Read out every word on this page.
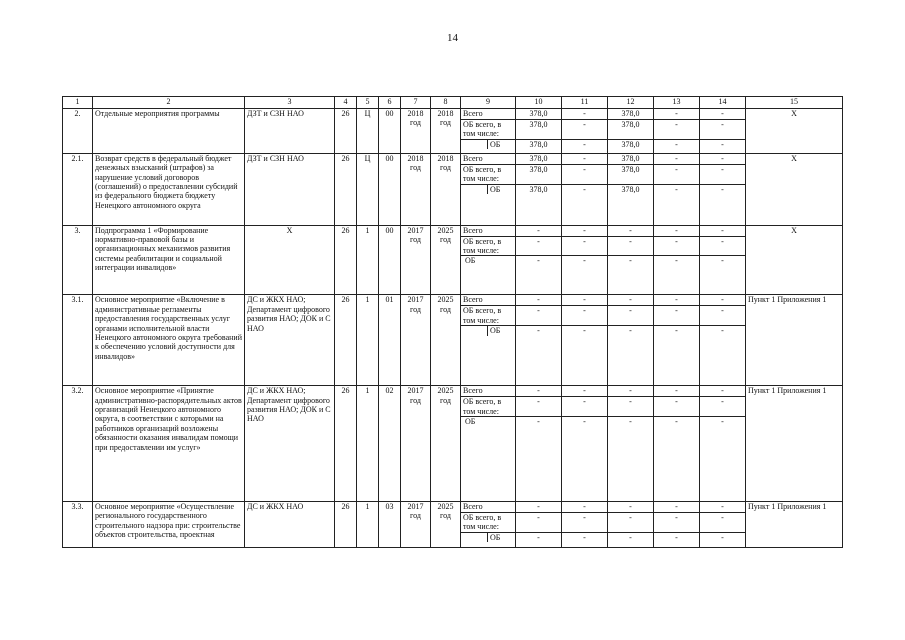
14
1	2	3	4	5	6	7	8	9	10	11	12	13	14	15
2.	Отдельные мероприятия программы	ДЗТ и СЗН НАО	26	Ц	00	2018 год	2018 год	Всего	378,0	-	378,0	-	-	Х
								ОБ всего, в том числе:	378,0	-	378,0	-	-	

								ОБ	378,0	-	378,0	-	-	
2.1.	Возврат средств в федеральный бюджет денежных взысканий (штрафов) за нарушение условий договоров (соглашений) о предоставлении субсидий из федерального бюджета бюджету Ненецкого автономного округа	ДЗТ и СЗН НАО	26	Ц	00	2018 год	2018 год	Всего	378,0	-	378,0	-	-	Х
								ОБ всего, в том числе:	378,0	-	378,0	-	-	

								ОБ	378,0	-	378,0	-	-	
3.	Подпрограмма 1 «Формирование нормативно-правовой базы и организационных механизмов развития системы реабилитации и социальной интеграции инвалидов»	Х	26	1	00	2017 год	2025 год	Всего	-	-	-	-	-	Х
								ОБ всего, в том числе:	-	-	-	-	-	

								ОБ	-	-	-	-	-	
3.1.	Основное мероприятие «Включение в административные регламенты предоставления государственных услуг органами исполнительной власти Ненецкого автономного округа требований к обеспечению условий доступности для инвалидов»	ДС и ЖКХ НАО; Департамент цифрового развития НАО; ДОК и С НАО	26	1	01	2017 год	2025 год	Всего	-	-	-	-	-	Пункт 1 Приложения 1
								ОБ всего, в том числе:	-	-	-	-	-	

								ОБ	-	-	-	-	-	
3.2.	Основное мероприятие «Принятие административно-распорядительных актов организаций Ненецкого автономного округа, в соответствии с которыми на работников организаций возложены обязанности оказания инвалидам помощи при предоставлении им услуг»	ДС и ЖКХ НАО; Департамент цифрового развития НАО; ДОК и С НАО	26	1	02	2017 год	2025 год	Всего	-	-	-	-	-	Пункт 1 Приложения 1
								ОБ всего, в том числе:	-	-	-	-	-	

								ОБ	-	-	-	-	-	
3.3.	Основное мероприятие «Осуществление регионального государственного строительного надзора при: строительстве объектов строительства, проектная	ДС и ЖКХ НАО	26	1	03	2017 год	2025 год	Всего	-	-	-	-	-	Пункт 1 Приложения 1
								ОБ всего, в том числе:	-	-	-	-	-	

								ОБ	-	-	-	-	-	
